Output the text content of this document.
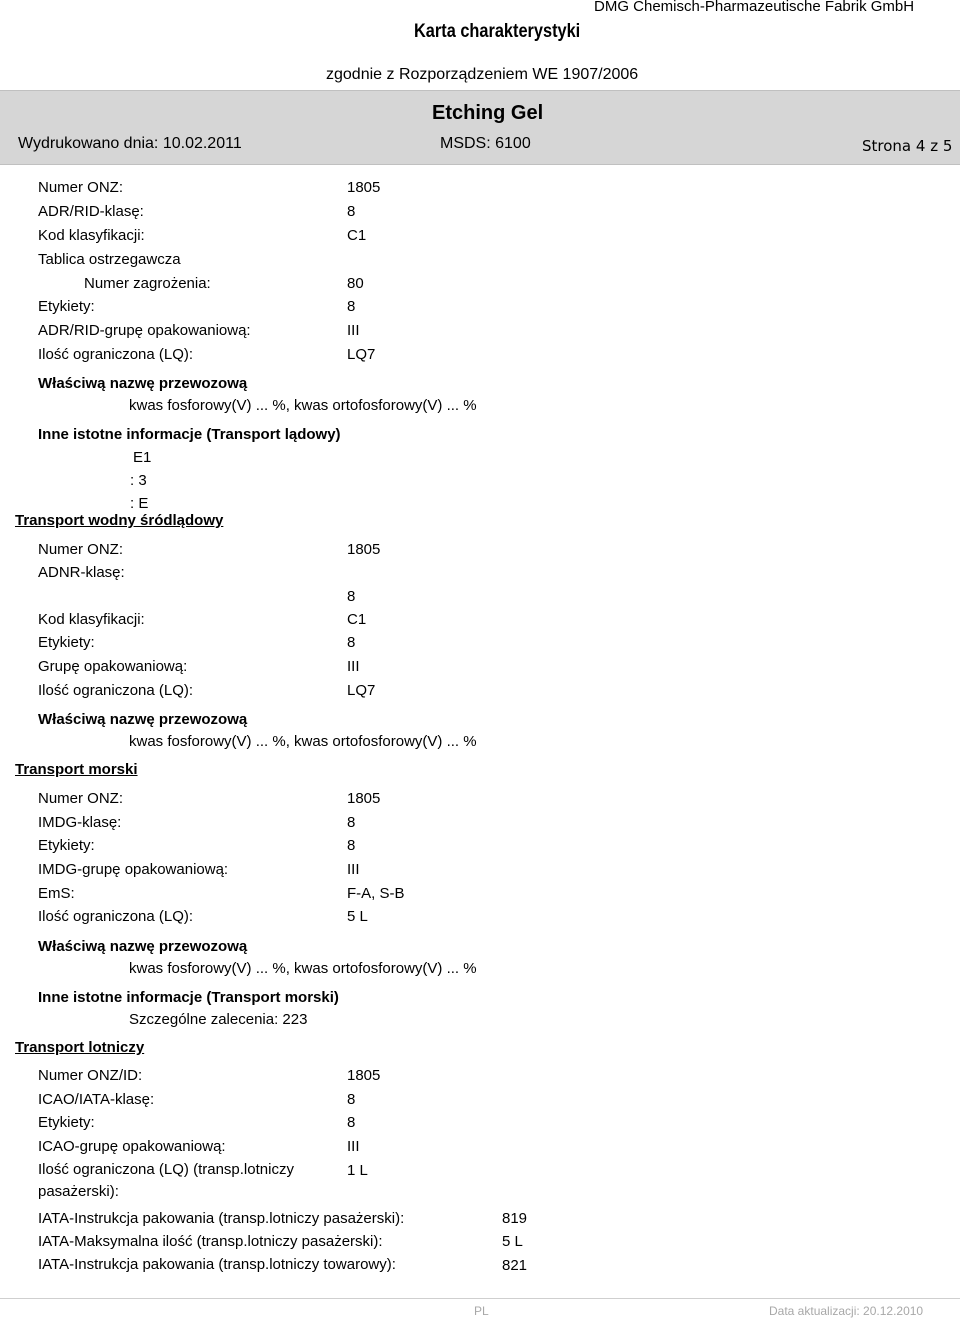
Karta charakterystyki
DMG Chemisch-Pharmazeutische Fabrik GmbH
zgodnie z Rozporządzeniem WE 1907/2006
Etching Gel
Wydrukowano dnia: 10.02.2011	MSDS: 6100	Strona 4 z 5
Numer ONZ:	1805
ADR/RID-klasę:	8
Kod klasyfikacji:	C1
Tablica ostrzegawcza
Numer zagrożenia:	80
Etykiety:	8
ADR/RID-grupę opakowaniową:	III
Ilość ograniczona (LQ):	LQ7
Właściwą nazwę przewozową
kwas fosforowy(V) ... %, kwas ortofosforowy(V) ... %
Inne istotne informacje (Transport lądowy)
E1
: 3
: E
Transport wodny śródlądowy
Numer ONZ:	1805
ADNR-klasę:
8
Kod klasyfikacji:	C1
Etykiety:	8
Grupę opakowaniową:	III
Ilość ograniczona (LQ):	LQ7
Właściwą nazwę przewozową
kwas fosforowy(V) ... %, kwas ortofosforowy(V) ... %
Transport morski
Numer ONZ:	1805
IMDG-klasę:	8
Etykiety:	8
IMDG-grupę opakowaniową:	III
EmS:	F-A, S-B
Ilość ograniczona (LQ):	5 L
Właściwą nazwę przewozową
kwas fosforowy(V) ... %, kwas ortofosforowy(V) ... %
Inne istotne informacje (Transport morski)
Szczególne zalecenia: 223
Transport lotniczy
Numer ONZ/ID:	1805
ICAO/IATA-klasę:	8
Etykiety:	8
ICAO-grupę opakowaniową:	III
Ilość ograniczona (LQ) (transp.lotniczy
pasażerski):
1 L
IATA-Instrukcja pakowania (transp.lotniczy pasażerski):	819
IATA-Maksymalna ilość (transp.lotniczy pasażerski):	5 L
IATA-Instrukcja pakowania (transp.lotniczy towarowy):	821
PL	Data aktualizacji: 20.12.2010
